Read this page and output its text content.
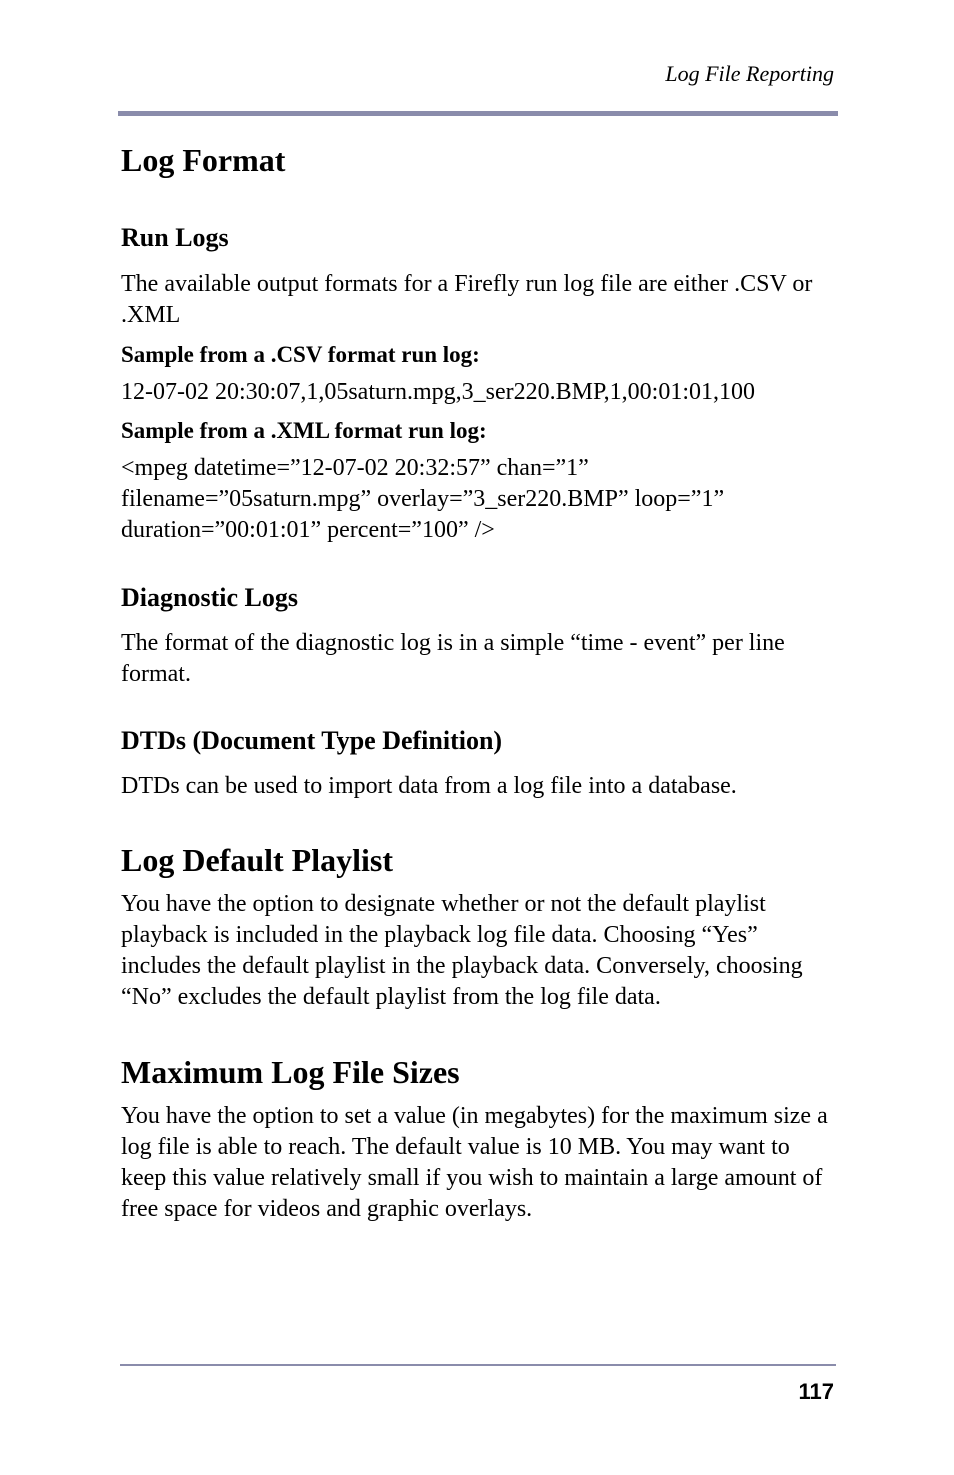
Log File Reporting
Log Format
Run Logs

The available output formats for a Firefly run log file are either .CSV or .XML

Sample from a .CSV format run log:

12-07-02 20:30:07,1,05saturn.mpg,3_ser220.BMP,1,00:01:01,100

Sample from a .XML format run log:

<mpeg datetime=”12-07-02 20:32:57” chan=”1”

filename=”05saturn.mpg” overlay=”3_ser220.BMP” loop=”1”

duration=”00:01:01” percent=”100” />

Diagnostic Logs

The format of the diagnostic log is in a simple “time - event” per line format.

DTDs (Document Type Definition)

DTDs can be used to import data from a log file into a database.

Log Default Playlist

You have the option to designate whether or not the default playlist playback is included in the playback log file data. Choosing “Yes” includes the default playlist in the playback data. Conversely, choosing “No” excludes the default playlist from the log file data.

Maximum Log File Sizes

You have the option to set a value (in megabytes) for the maximum size a log file is able to reach. The default value is 10 MB. You may want to keep this value relatively small if you wish to maintain a large amount of free space for videos and graphic overlays.

117
